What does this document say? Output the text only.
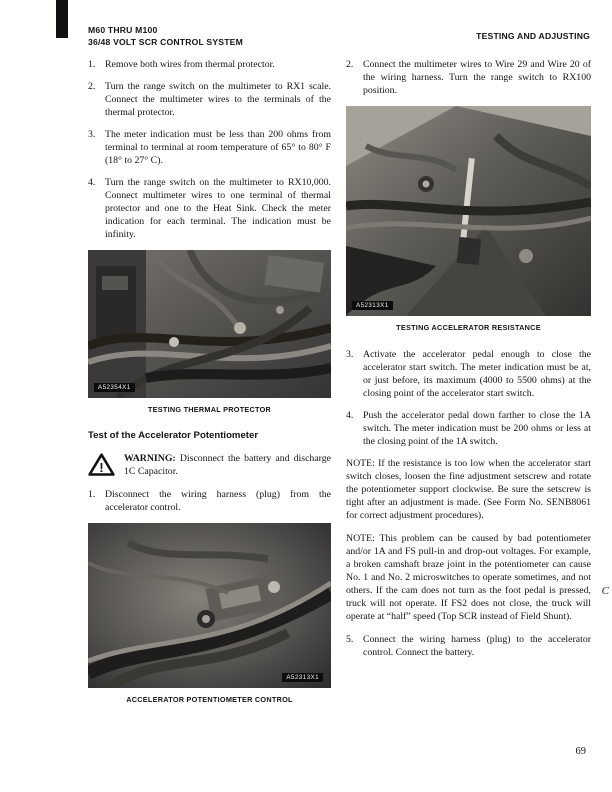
M60 THRU M100
36/48 VOLT SCR CONTROL SYSTEM
TESTING AND ADJUSTING
1. Remove both wires from thermal protector.
2. Turn the range switch on the multimeter to RX1 scale. Connect the multimeter wires to the terminals of the thermal protector.
3. The meter indication must be less than 200 ohms from terminal to terminal at room temperature of 65° to 80° F (18° to 27° C).
4. Turn the range switch on the multimeter to RX10,000. Connect multimeter wires to one terminal of thermal protector and one to the Heat Sink. Check the meter indication for each terminal. The indication must be infinity.
A52354X1
TESTING THERMAL PROTECTOR
Test of the Accelerator Potentiometer
!
WARNING: Disconnect the battery and discharge 1C Capacitor.
1. Disconnect the wiring harness (plug) from the accelerator control.
A52313X1
ACCELERATOR POTENTIOMETER CONTROL
2. Connect the multimeter wires to Wire 29 and Wire 20 of the wiring harness. Turn the range switch to RX100 position.
A52313X1
TESTING ACCELERATOR RESISTANCE
3. Activate the accelerator pedal enough to close the accelerator start switch. The meter indication must be at, or just before, its maximum (4000 to 5500 ohms) at the closing point of the accelerator start switch.
4. Push the accelerator pedal down farther to close the 1A switch. The meter indication must be 200 ohms or less at the closing point of the 1A switch.

NOTE: If the resistance is too low when the accelerator start switch closes, loosen the fine adjustment setscrew and rotate the potentiometer support clockwise. Be sure the setscrew is tight after an adjustment is made. (See Form No. SENB8061 for correct adjustment procedures).

NOTE: This problem can be caused by bad potentiometer and/or 1A and FS pull-in and drop-out voltages. For example, a broken camshaft braze joint in the potentiometer can cause No. 1 and No. 2 microswitches to operate sometimes, and not others. If the cam does not turn as the foot pedal is pressed, truck will not operate. If FS2 does not close, the truck will operate at “half” speed (Top SCR instead of Field Shunt).

5. Connect the wiring harness (plug) to the accelerator control. Connect the battery.
C
69
